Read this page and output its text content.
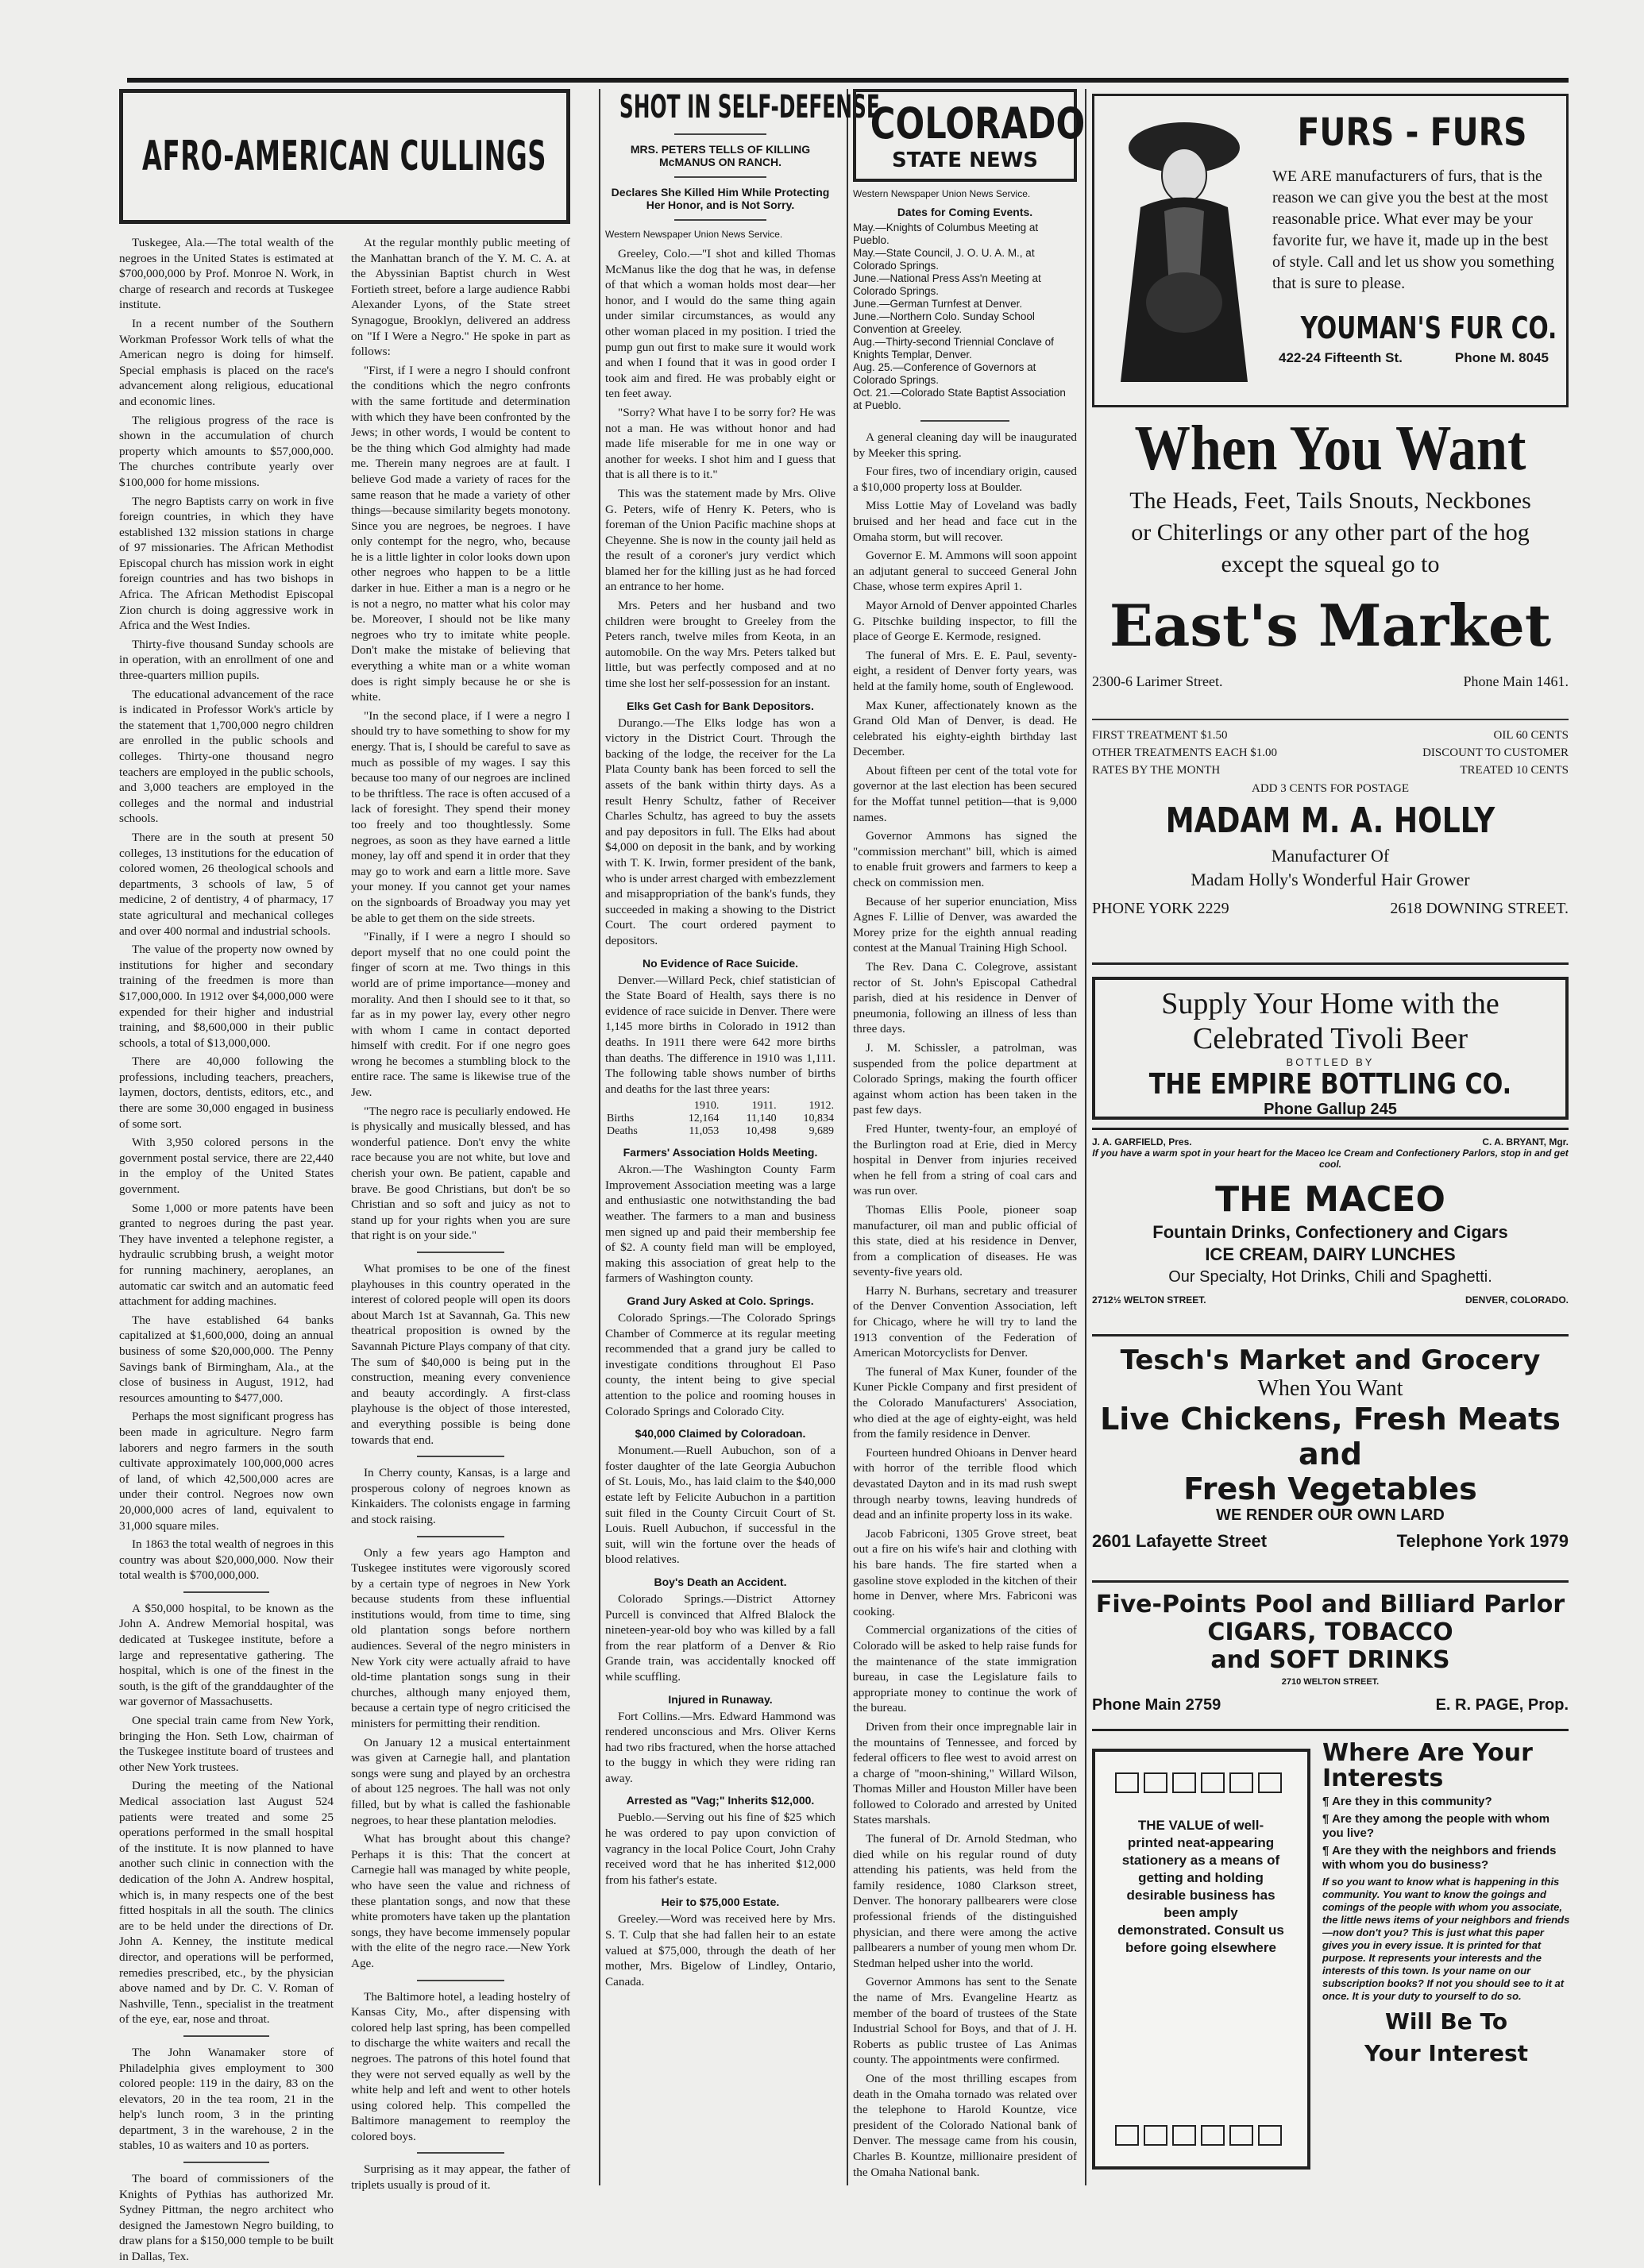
AFRO-AMERICAN CULLINGS

Tuskegee, Ala.—The total wealth of the negroes in the United States is estimated at $700,000,000 by Prof. Monroe N. Work, in charge of research and records at Tuskegee institute.

In a recent number of the Southern Workman Professor Work tells of what the American negro is doing for himself. Special emphasis is placed on the race's advancement along religious, educational and economic lines.

The religious progress of the race is shown in the accumulation of church property which amounts to $57,000,000. The churches contribute yearly over $100,000 for home missions.

The negro Baptists carry on work in five foreign countries, in which they have established 132 mission stations in charge of 97 missionaries. The African Methodist Episcopal church has mission work in eight foreign countries and has two bishops in Africa. The African Methodist Episcopal Zion church is doing aggressive work in Africa and the West Indies.

Thirty-five thousand Sunday schools are in operation, with an enrollment of one and three-quarters million pupils.

The educational advancement of the race is indicated in Professor Work's article by the statement that 1,700,000 negro children are enrolled in the public schools and colleges. Thirty-one thousand negro teachers are employed in the public schools, and 3,000 teachers are employed in the colleges and the normal and industrial schools.

There are in the south at present 50 colleges, 13 institutions for the education of colored women, 26 theological schools and departments, 3 schools of law, 5 of medicine, 2 of dentistry, 4 of pharmacy, 17 state agricultural and mechanical colleges and over 400 normal and industrial schools.

The value of the property now owned by institutions for higher and secondary training of the freedmen is more than $17,000,000. In 1912 over $4,000,000 were expended for their higher and industrial training, and $8,600,000 in their public schools, a total of $13,000,000.

There are 40,000 following the professions, including teachers, preachers, laymen, doctors, dentists, editors, etc., and there are some 30,000 engaged in business of some sort.

With 3,950 colored persons in the government postal service, there are 22,440 in the employ of the United States government.

Some 1,000 or more patents have been granted to negroes during the past year. They have invented a telephone register, a hydraulic scrubbing brush, a weight motor for running machinery, aeroplanes, an automatic car switch and an automatic feed attachment for adding machines.

The have established 64 banks capitalized at $1,600,000, doing an annual business of some $20,000,000. The Penny Savings bank of Birmingham, Ala., at the close of business in August, 1912, had resources amounting to $477,000.

Perhaps the most significant progress has been made in agriculture. Negro farm laborers and negro farmers in the south cultivate approximately 100,000,000 acres of land, of which 42,500,000 acres are under their control. Negroes now own 20,000,000 acres of land, equivalent to 31,000 square miles.

In 1863 the total wealth of negroes in this country was about $20,000,000. Now their total wealth is $700,000,000.

A $50,000 hospital, to be known as the John A. Andrew Memorial hospital, was dedicated at Tuskegee institute, before a large and representative gathering. The hospital, which is one of the finest in the south, is the gift of the granddaughter of the war governor of Massachusetts.

One special train came from New York, bringing the Hon. Seth Low, chairman of the Tuskegee institute board of trustees and other New York trustees.

During the meeting of the National Medical association last August 524 patients were treated and some 25 operations performed in the small hospital of the institute. It is now planned to have another such clinic in connection with the dedication of the John A. Andrew hospital, which is, in many respects one of the best fitted hospitals in all the south. The clinics are to be held under the directions of Dr. John A. Kenney, the institute medical director, and operations will be performed, remedies prescribed, etc., by the physician above named and by Dr. C. V. Roman of Nashville, Tenn., specialist in the treatment of the eye, ear, nose and throat.

The John Wanamaker store of Philadelphia gives employment to 300 colored people: 119 in the dairy, 83 on the elevators, 20 in the tea room, 21 in the help's lunch room, 3 in the printing department, 3 in the warehouse, 2 in the stables, 10 as waiters and 10 as porters.

The board of commissioners of the Knights of Pythias has authorized Mr. Sydney Pittman, the negro architect who designed the Jamestown Negro building, to draw plans for a $150,000 temple to be built in Dallas, Tex.

At the regular monthly public meeting of the Manhattan branch of the Y. M. C. A. at the Abyssinian Baptist church in West Fortieth street, before a large audience Rabbi Alexander Lyons, of the State street Synagogue, Brooklyn, delivered an address on "If I Were a Negro." He spoke in part as follows:

"First, if I were a negro I should confront the conditions which the negro confronts with the same fortitude and determination with which they have been confronted by the Jews; in other words, I would be content to be the thing which God almighty had made me. Therein many negroes are at fault. I believe God made a variety of races for the same reason that he made a variety of other things—because similarity begets monotony. Since you are negroes, be negroes. I have only contempt for the negro, who, because he is a little lighter in color looks down upon other negroes who happen to be a little darker in hue. Either a man is a negro or he is not a negro, no matter what his color may be. Moreover, I should not be like many negroes who try to imitate white people. Don't make the mistake of believing that everything a white man or a white woman does is right simply because he or she is white.

"In the second place, if I were a negro I should try to have something to show for my energy. That is, I should be careful to save as much as possible of my wages. I say this because too many of our negroes are inclined to be thriftless. The race is often accused of a lack of foresight. They spend their money too freely and too thoughtlessly. Some negroes, as soon as they have earned a little money, lay off and spend it in order that they may go to work and earn a little more. Save your money. If you cannot get your names on the signboards of Broadway you may yet be able to get them on the side streets.

"Finally, if I were a negro I should so deport myself that no one could point the finger of scorn at me. Two things in this world are of prime importance—money and morality. And then I should see to it that, so far as in my power lay, every other negro with whom I came in contact deported himself with credit. For if one negro goes wrong he becomes a stumbling block to the entire race. The same is likewise true of the Jew.

"The negro race is peculiarly endowed. He is physically and musically blessed, and has wonderful patience. Don't envy the white race because you are not white, but love and cherish your own. Be patient, capable and brave. Be good Christians, but don't be so Christian and so soft and juicy as not to stand up for your rights when you are sure that right is on your side."

What promises to be one of the finest playhouses in this country operated in the interest of colored people will open its doors about March 1st at Savannah, Ga. This new theatrical proposition is owned by the Savannah Picture Plays company of that city. The sum of $40,000 is being put in the construction, meaning every convenience and beauty accordingly. A first-class playhouse is the object of those interested, and everything possible is being done towards that end.

In Cherry county, Kansas, is a large and prosperous colony of negroes known as Kinkaiders. The colonists engage in farming and stock raising.

Only a few years ago Hampton and Tuskegee institutes were vigorously scored by a certain type of negroes in New York because students from these influential institutions would, from time to time, sing old plantation songs before northern audiences. Several of the negro ministers in New York city were actually afraid to have old-time plantation songs sung in their churches, although many enjoyed them, because a certain type of negro criticised the ministers for permitting their rendition.

On January 12 a musical entertainment was given at Carnegie hall, and plantation songs were sung and played by an orchestra of about 125 negroes. The hall was not only filled, but by what is called the fashionable negroes, to hear these plantation melodies.

What has brought about this change? Perhaps it is this: That the concert at Carnegie hall was managed by white people, who have seen the value and richness of these plantation songs, and now that these white promoters have taken up the plantation songs, they have become immensely popular with the elite of the negro race.—New York Age.

The Baltimore hotel, a leading hostelry of Kansas City, Mo., after dispensing with colored help last spring, has been compelled to discharge the white waiters and recall the negroes. The patrons of this hotel found that they were not served equally as well by the white help and left and went to other hotels using colored help. This compelled the Baltimore management to reemploy the colored boys.

Surprising as it may appear, the father of triplets usually is proud of it.

SHOT IN SELF-DEFENSE
MRS. PETERS TELLS OF KILLING McMANUS ON RANCH.
Declares She Killed Him While Protecting Her Honor, and is Not Sorry.
Western Newspaper Union News Service.

Greeley, Colo.—"I shot and killed Thomas McManus like the dog that he was, in defense of that which a woman holds most dear—her honor, and I would do the same thing again under similar circumstances, as would any other woman placed in my position. I tried the pump gun out first to make sure it would work and when I found that it was in good order I took aim and fired. He was probably eight or ten feet away.

"Sorry? What have I to be sorry for? He was not a man. He was without honor and had made life miserable for me in one way or another for weeks. I shot him and I guess that that is all there is to it."

This was the statement made by Mrs. Olive G. Peters, wife of Henry K. Peters, who is foreman of the Union Pacific machine shops at Cheyenne. She is now in the county jail held as the result of a coroner's jury verdict which blamed her for the killing just as he had forced an entrance to her home.

Mrs. Peters and her husband and two children were brought to Greeley from the Peters ranch, twelve miles from Keota, in an automobile. On the way Mrs. Peters talked but little, but was perfectly composed and at no time she lost her self-possession for an instant.

Elks Get Cash for Bank Depositors.

Durango.—The Elks lodge has won a victory in the District Court. Through the backing of the lodge, the receiver for the La Plata County bank has been forced to sell the assets of the bank within thirty days. As a result Henry Schultz, father of Receiver Charles Schultz, has agreed to buy the assets and pay depositors in full. The Elks had about $4,000 on deposit in the bank, and by working with T. K. Irwin, former president of the bank, who is under arrest charged with embezzlement and misappropriation of the bank's funds, they succeeded in making a showing to the District Court. The court ordered payment to depositors.

No Evidence of Race Suicide.

Denver.—Willard Peck, chief statistician of the State Board of Health, says there is no evidence of race suicide in Denver. There were 1,145 more births in Colorado in 1912 than deaths. In 1911 there were 642 more births than deaths. The difference in 1910 was 1,111. The following table shows number of births and deaths for the last three years:

	1910.	1911.	1912.
Births	12,164	11,140	10,834
Deaths	11,053	10,498	9,689
Farmers' Association Holds Meeting.

Akron.—The Washington County Farm Improvement Association meeting was a large and enthusiastic one notwithstanding the bad weather. The farmers to a man and business men signed up and paid their membership fee of $2. A county field man will be employed, making this association of great help to the farmers of Washington county.

Grand Jury Asked at Colo. Springs.

Colorado Springs.—The Colorado Springs Chamber of Commerce at its regular meeting recommended that a grand jury be called to investigate conditions throughout El Paso county, the intent being to give special attention to the police and rooming houses in Colorado Springs and Colorado City.

$40,000 Claimed by Coloradoan.

Monument.—Ruell Aubuchon, son of a foster daughter of the late Georgia Aubuchon of St. Louis, Mo., has laid claim to the $40,000 estate left by Felicite Aubuchon in a partition suit filed in the County Circuit Court of St. Louis. Ruell Aubuchon, if successful in the suit, will win the fortune over the heads of blood relatives.

Boy's Death an Accident.

Colorado Springs.—District Attorney Purcell is convinced that Alfred Blalock the nineteen-year-old boy who was killed by a fall from the rear platform of a Denver & Rio Grande train, was accidentally knocked off while scuffling.

Injured in Runaway.

Fort Collins.—Mrs. Edward Hammond was rendered unconscious and Mrs. Oliver Kerns had two ribs fractured, when the horse attached to the buggy in which they were riding ran away.

Arrested as "Vag;" Inherits $12,000.

Pueblo.—Serving out his fine of $25 which he was ordered to pay upon conviction of vagrancy in the local Police Court, John Crahy received word that he has inherited $12,000 from his father's estate.

Heir to $75,000 Estate.

Greeley.—Word was received here by Mrs. S. T. Culp that she had fallen heir to an estate valued at $75,000, through the death of her mother, Mrs. Bigelow of Lindley, Ontario, Canada.

COLORADO
STATE NEWS
Western Newspaper Union News Service.
Dates for Coming Events.
May.—Knights of Columbus Meeting at Pueblo.
May.—State Council, J. O. U. A. M., at Colorado Springs.
June.—National Press Ass'n Meeting at Colorado Springs.
June.—German Turnfest at Denver.
June.—Northern Colo. Sunday School Convention at Greeley.
Aug.—Thirty-second Triennial Conclave of Knights Templar, Denver.
Aug. 25.—Conference of Governors at Colorado Springs.
Oct. 21.—Colorado State Baptist Association at Pueblo.

A general cleaning day will be inaugurated by Meeker this spring.

Four fires, two of incendiary origin, caused a $10,000 property loss at Boulder.

Miss Lottie May of Loveland was badly bruised and her head and face cut in the Omaha storm, but will recover.

Governor E. M. Ammons will soon appoint an adjutant general to succeed General John Chase, whose term expires April 1.

Mayor Arnold of Denver appointed Charles G. Pitschke building inspector, to fill the place of George E. Kermode, resigned.

The funeral of Mrs. E. E. Paul, seventy-eight, a resident of Denver forty years, was held at the family home, south of Englewood.

Max Kuner, affectionately known as the Grand Old Man of Denver, is dead. He celebrated his eighty-eighth birthday last December.

About fifteen per cent of the total vote for governor at the last election has been secured for the Moffat tunnel petition—that is 9,000 names.

Governor Ammons has signed the "commission merchant" bill, which is aimed to enable fruit growers and farmers to keep a check on commission men.

Because of her superior enunciation, Miss Agnes F. Lillie of Denver, was awarded the Morey prize for the eighth annual reading contest at the Manual Training High School.

The Rev. Dana C. Colegrove, assistant rector of St. John's Episcopal Cathedral parish, died at his residence in Denver of pneumonia, following an illness of less than three days.

J. M. Schissler, a patrolman, was suspended from the police department at Colorado Springs, making the fourth officer against whom action has been taken in the past few days.

Fred Hunter, twenty-four, an employé of the Burlington road at Erie, died in Mercy hospital in Denver from injuries received when he fell from a string of coal cars and was run over.

Thomas Ellis Poole, pioneer soap manufacturer, oil man and public official of this state, died at his residence in Denver, from a complication of diseases. He was seventy-five years old.

Harry N. Burhans, secretary and treasurer of the Denver Convention Association, left for Chicago, where he will try to land the 1913 convention of the Federation of American Motorcyclists for Denver.

The funeral of Max Kuner, founder of the Kuner Pickle Company and first president of the Colorado Manufacturers' Association, who died at the age of eighty-eight, was held from the family residence in Denver.

Fourteen hundred Ohioans in Denver heard with horror of the terrible flood which devastated Dayton and in its mad rush swept through nearby towns, leaving hundreds of dead and an infinite property loss in its wake.

Jacob Fabriconi, 1305 Grove street, beat out a fire on his wife's hair and clothing with his bare hands. The fire started when a gasoline stove exploded in the kitchen of their home in Denver, where Mrs. Fabriconi was cooking.

Commercial organizations of the cities of Colorado will be asked to help raise funds for the maintenance of the state immigration bureau, in case the Legislature fails to appropriate money to continue the work of the bureau.

Driven from their once impregnable lair in the mountains of Tennessee, and forced by federal officers to flee west to avoid arrest on a charge of "moon-shining," Willard Wilson, Thomas Miller and Houston Miller have been followed to Colorado and arrested by United States marshals.

The funeral of Dr. Arnold Stedman, who died while on his regular round of duty attending his patients, was held from the family residence, 1080 Clarkson street, Denver. The honorary pallbearers were close professional friends of the distinguished physician, and there were among the active pallbearers a number of young men whom Dr. Stedman helped usher into the world.

Governor Ammons has sent to the Senate the name of Mrs. Evangeline Heartz as member of the board of trustees of the State Industrial School for Boys, and that of J. H. Roberts as public trustee of Las Animas county. The appointments were confirmed.

One of the most thrilling escapes from death in the Omaha tornado was related over the telephone to Harold Kountze, vice president of the Colorado National bank of Denver. The message came from his cousin, Charles B. Kountze, millionaire president of the Omaha National bank.

FURS - FURS
WE ARE manufacturers of furs, that is the reason we can give you the best at the most reasonable price. What ever may be your favorite fur, we have it, made up in the best of style. Call and let us show you something that is sure to please.
YOUMAN'S FUR CO.
422-24 Fifteenth St.	Phone M. 8045
When You Want
The Heads, Feet, Tails Snouts, Neckbones
or Chiterlings or any other part of the hog
except the squeal go to
East's Market
2300-6 Larimer Street.	Phone Main 1461.
FIRST TREATMENT $1.50	OIL 60 CENTS
OTHER TREATMENTS EACH $1.00	DISCOUNT TO CUSTOMER
RATES BY THE MONTH	TREATED 10 CENTS
ADD 3 CENTS FOR POSTAGE
MADAM M. A. HOLLY
Manufacturer Of
Madam Holly's Wonderful Hair Grower
PHONE YORK 2229	2618 DOWNING STREET.
Supply Your Home with the
Celebrated Tivoli Beer
BOTTLED BY
THE EMPIRE BOTTLING CO.
Phone Gallup 245
J. A. GARFIELD, Pres.	C. A. BRYANT, Mgr.
If you have a warm spot in your heart for the Maceo Ice Cream and Confectionery Parlors, stop in and get cool.
THE MACEO
Fountain Drinks, Confectionery and Cigars
ICE CREAM, DAIRY LUNCHES
Our Specialty, Hot Drinks, Chili and Spaghetti.
2712½ WELTON STREET.	DENVER, COLORADO.
Tesch's Market and Grocery
When You Want
Live Chickens, Fresh Meats and
Fresh Vegetables
WE RENDER OUR OWN LARD
2601 Lafayette Street	Telephone York 1979
Five-Points Pool and Billiard Parlor
CIGARS, TOBACCO
and SOFT DRINKS
2710 WELTON STREET.
Phone Main 2759	E. R. PAGE, Prop.
THE VALUE of well-printed neat-appearing stationery as a means of getting and holding desirable business has been amply demonstrated. Consult us before going elsewhere
Where Are Your Interests
¶ Are they in this community?
¶ Are they among the people with whom you live?
¶ Are they with the neighbors and friends with whom you do business?
If so you want to know what is happening in this community. You want to know the goings and comings of the people with whom you associate, the little news items of your neighbors and friends—now don't you? This is just what this paper gives you in every issue. It is printed for that purpose. It represents your interests and the interests of this town. Is your name on our subscription books? If not you should see to it at once. It is your duty to yourself to do so.
Will Be To
Your Interest
